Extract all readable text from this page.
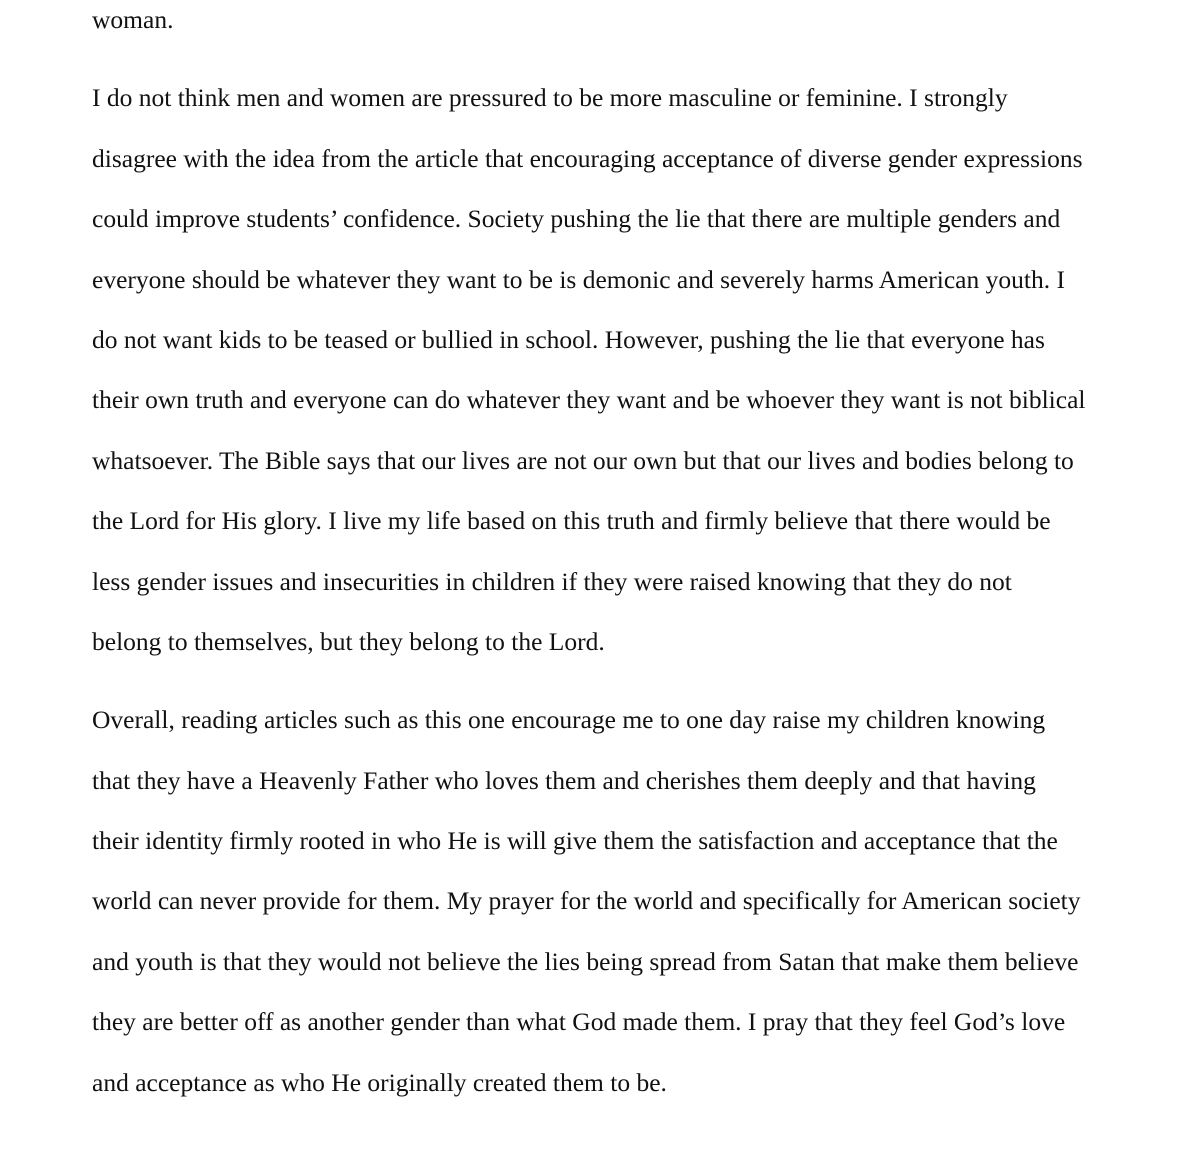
woman.
I do not think men and women are pressured to be more masculine or feminine. I strongly
disagree with the idea from the article that encouraging acceptance of diverse gender expressions
could improve students’ confidence. Society pushing the lie that there are multiple genders and
everyone should be whatever they want to be is demonic and severely harms American youth. I
do not want kids to be teased or bullied in school. However, pushing the lie that everyone has
their own truth and everyone can do whatever they want and be whoever they want is not biblical
whatsoever. The Bible says that our lives are not our own but that our lives and bodies belong to
the Lord for His glory. I live my life based on this truth and firmly believe that there would be
less gender issues and insecurities in children if they were raised knowing that they do not
belong to themselves, but they belong to the Lord.
Overall, reading articles such as this one encourage me to one day raise my children knowing
that they have a Heavenly Father who loves them and cherishes them deeply and that having
their identity firmly rooted in who He is will give them the satisfaction and acceptance that the
world can never provide for them. My prayer for the world and specifically for American society
and youth is that they would not believe the lies being spread from Satan that make them believe
they are better off as another gender than what God made them. I pray that they feel God’s love
and acceptance as who He originally created them to be.
